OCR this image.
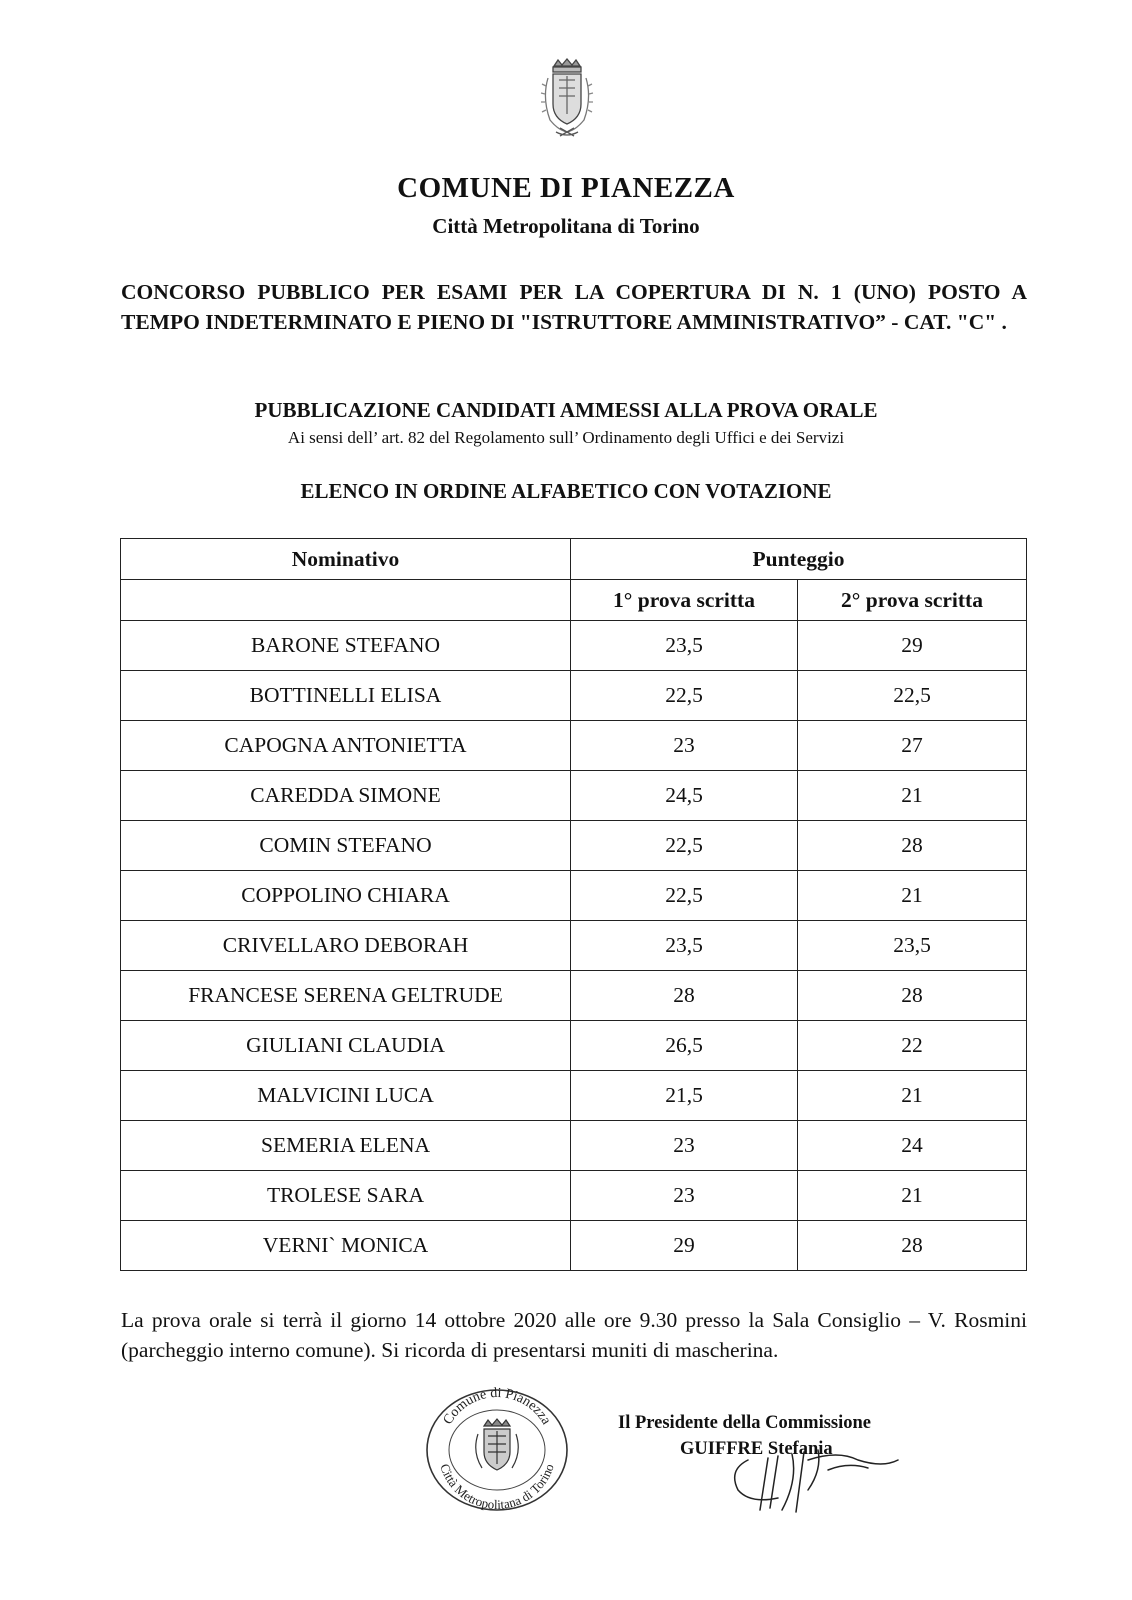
COMUNE DI PIANEZZA
Città Metropolitana di Torino
CONCORSO PUBBLICO PER ESAMI PER LA COPERTURA DI N. 1 (UNO) POSTO A TEMPO INDETERMINATO E PIENO DI "ISTRUTTORE AMMINISTRATIVO” - CAT. "C" .
PUBBLICAZIONE CANDIDATI AMMESSI ALLA PROVA ORALE
Ai sensi dell’ art. 82 del Regolamento sull’ Ordinamento degli Uffici e dei Servizi
ELENCO IN ORDINE ALFABETICO CON VOTAZIONE
Nominativo	Punteggio	
	1° prova scritta	2° prova scritta
BARONE STEFANO	23,5	29
BOTTINELLI ELISA	22,5	22,5
CAPOGNA ANTONIETTA	23	27
CAREDDA SIMONE	24,5	21
COMIN STEFANO	22,5	28
COPPOLINO CHIARA	22,5	21
CRIVELLARO DEBORAH	23,5	23,5
FRANCESE SERENA GELTRUDE	28	28
GIULIANI CLAUDIA	26,5	22
MALVICINI LUCA	21,5	21
SEMERIA ELENA	23	24
TROLESE SARA	23	21
VERNI` MONICA	29	28
La prova orale si terrà il giorno 14 ottobre 2020 alle ore 9.30 presso la Sala Consiglio – V. Rosmini (parcheggio interno comune). Si ricorda di presentarsi muniti di mascherina.
Comune di Pianezza
Città Metropolitana di Torino
Il Presidente della Commissione
GUIFFRE Stefania
